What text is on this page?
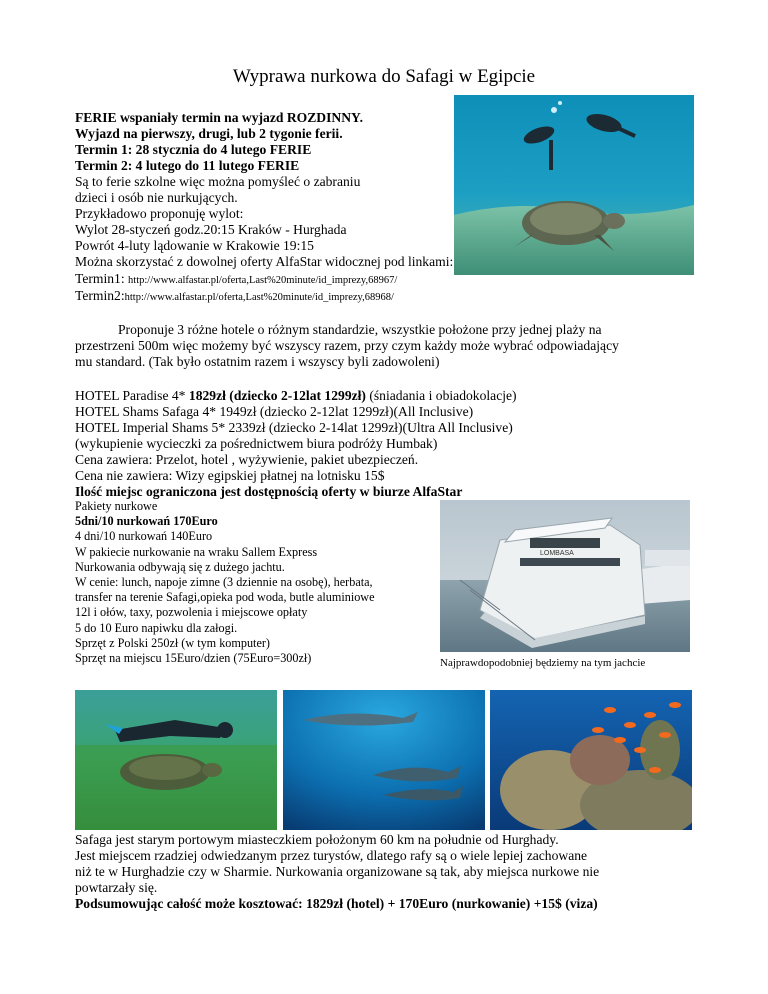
Wyprawa nurkowa do Safagi w Egipcie
FERIE wspaniały termin na wyjazd ROZDINNY.
Wyjazd na pierwszy, drugi, lub 2 tygonie ferii.
Termin 1: 28 stycznia do 4 lutego FERIE
Termin 2: 4 lutego do 11 lutego FERIE
Są to ferie szkolne więc można pomyśleć o zabraniu
dzieci i osób nie nurkujących.
Przykładowo proponuję wylot:
Wylot 28-styczeń godz.20:15 Kraków - Hurghada
Powrót 4-luty lądowanie w Krakowie 19:15
Można skorzystać z dowolnej oferty AlfaStar widocznej pod linkami:
Termin1: http://www.alfastar.pl/oferta,Last%20minute/id_imprezy,68967/
Termin2:http://www.alfastar.pl/oferta,Last%20minute/id_imprezy,68968/
Proponuje 3 różne hotele o różnym standardzie, wszystkie położone przy jednej plaży na
przestrzeni 500m więc możemy być wszyscy razem, przy czym każdy może wybrać odpowiadający
mu standard. (Tak było ostatnim razem i wszyscy byli zadowoleni)
HOTEL Paradise 4* 1829zł (dziecko 2-12lat 1299zł) (śniadania i obiadokolacje)
HOTEL Shams Safaga 4* 1949zł (dziecko 2-12lat 1299zł)(All Inclusive)
HOTEL Imperial Shams 5* 2339zł (dziecko 2-14lat 1299zł)(Ultra All Inclusive)
(wykupienie wycieczki za pośrednictwem biura podróży Humbak)
Cena zawiera: Przelot, hotel , wyżywienie, pakiet ubezpieczeń.
Cena nie zawiera: Wizy egipskiej płatnej na lotnisku 15$
Ilość miejsc ograniczona jest dostępnością oferty w biurze AlfaStar
Pakiety nurkowe
5dni/10 nurkowań 170Euro
4 dni/10 nurkowań 140Euro
W pakiecie nurkowanie na wraku Sallem Express
Nurkowania odbywają się z dużego jachtu.
W cenie: lunch, napoje zimne (3 dziennie na osobę), herbata,
transfer na terenie Safagi,opieka pod woda, butle aluminiowe
12l i ołów, taxy, pozwolenia i miejscowe opłaty
5 do 10 Euro napiwku dla załogi.
Sprzęt z Polski 250zł (w tym komputer)
Sprzęt na miejscu 15Euro/dzien (75Euro=300zł)
LOMBASA
Najprawdopodobniej będziemy na tym jachcie
Safaga jest starym portowym miasteczkiem położonym 60 km na południe od Hurghady.
Jest miejscem rzadziej odwiedzanym przez turystów, dlatego rafy są o wiele lepiej zachowane
niż te w Hurghadzie czy w Sharmie. Nurkowania organizowane są tak, aby miejsca nurkowe nie
powtarzały się.
Podsumowując całość może kosztować: 1829zł (hotel) + 170Euro (nurkowanie) +15$ (viza)
